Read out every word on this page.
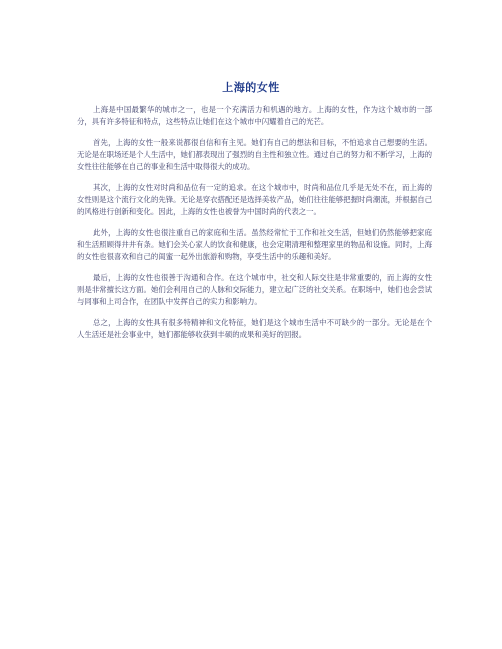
上海的女性

上海是中国最繁华的城市之一，也是一个充满活力和机遇的地方。上海的女性，作为这个城市的一部分，具有许多特征和特点，这些特点让她们在这个城市中闪耀着自己的光芒。

首先，上海的女性一般来说都很自信和有主见。她们有自己的想法和目标，不怕追求自己想要的生活。无论是在职场还是个人生活中，她们都表现出了强烈的自主性和独立性。通过自己的努力和不断学习，上海的女性往往能够在自己的事业和生活中取得很大的成功。

其次，上海的女性对时尚和品位有一定的追求。在这个城市中，时尚和品位几乎是无处不在，而上海的女性则是这个流行文化的先锋。无论是穿衣搭配还是选择美妆产品，她们往往能够把握时尚潮流，并根据自己的风格进行创新和变化。因此，上海的女性也被誉为中国时尚的代表之一。

此外，上海的女性也很注重自己的家庭和生活。虽然经常忙于工作和社交生活，但她们仍然能够把家庭和生活照顾得井井有条。她们会关心家人的饮食和健康，也会定期清理和整理家里的物品和设施。同时，上海的女性也很喜欢和自己的闺蜜一起外出旅游和购物，享受生活中的乐趣和美好。

最后，上海的女性也很善于沟通和合作。在这个城市中，社交和人际交往是非常重要的，而上海的女性则是非常擅长这方面。她们会利用自己的人脉和交际能力，建立起广泛的社交关系。在职场中，她们也会尝试与同事和上司合作，在团队中发挥自己的实力和影响力。

总之，上海的女性具有很多特精神和文化特征，她们是这个城市生活中不可缺少的一部分。无论是在个人生活还是社会事业中，她们都能够收获到丰硕的成果和美好的回报。
